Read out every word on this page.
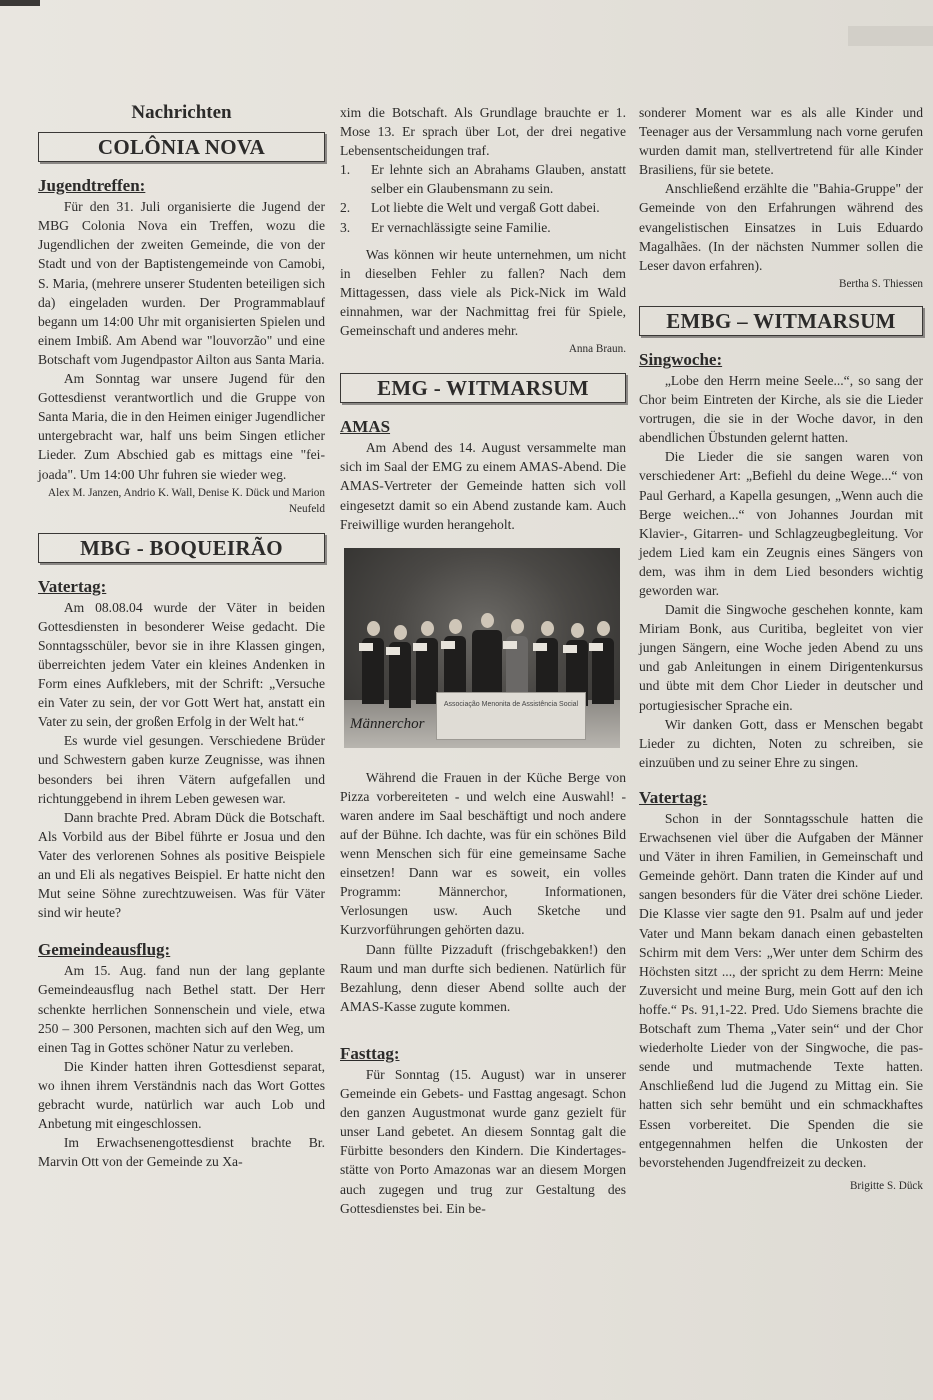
Nachrichten
COLÔNIA NOVA
Jugendtreffen:

Für den 31. Juli organisierte die Jugend der MBG Colonia Nova ein Treffen, wozu die Jugendlichen der zweiten Gemeinde, die von der Stadt und von der Baptistengemeinde von Camobi, S. Maria, (mehrere unserer Studenten beteiligen sich da) eingeladen wurden. Der Programmablauf begann um 14:00 Uhr mit organisierten Spielen und einem Imbiß. Am Abend war "louvorzão" und eine Botschaft vom Jugendpastor Ailton aus Santa Maria.

Am Sonntag war unsere Jugend für den Gottesdienst verantwortlich und die Gruppe von Santa Maria, die in den Heimen einiger Jugendlicher untergebracht war, half uns beim Singen etlicher Lieder. Zum Abschied gab es mittags eine "feijoada". Um 14:00 Uhr fuhren sie wieder weg.

Alex M. Janzen, Andrio K. Wall, Denise K. Dück und Marion Neufeld
MBG - BOQUEIRÃO
Vatertag:

Am 08.08.04 wurde der Väter in beiden Gottesdiensten in besonderer Weise gedacht. Die Sonntagsschüler, bevor sie in ihre Klassen gingen, überreichten jedem Vater ein kleines Andenken in Form eines Aufklebers, mit der Schrift: „Versuche ein Vater zu sein, der vor Gott Wert hat, anstatt ein Vater zu sein, der großen Erfolg in der Welt hat.“

Es wurde viel gesungen. Verschiedene Brüder und Schwestern gaben kurze Zeugnisse, was ihnen besonders bei ihren Vätern aufgefallen und richtunggebend in ihrem Leben gewesen war.

Dann brachte Pred. Abram Dück die Botschaft. Als Vorbild aus der Bibel führte er Josua und den Vater des verlorenen Sohnes als positive Beispiele an und Eli als negatives Beispiel. Er hatte nicht den Mut seine Söhne zurechtzuweisen. Was für Väter sind wir heute?

Gemeindeausflug:

Am 15. Aug. fand nun der lang geplante Gemeindeausflug nach Bethel statt. Der Herr schenkte herrlichen Sonnenschein und viele, etwa 250 – 300 Personen, machten sich auf den Weg, um einen Tag in Gottes schöner Natur zu verleben.

Die Kinder hatten ihren Gottesdienst separat, wo ihnen ihrem Verständnis nach das Wort Gottes gebracht wurde, natürlich war auch Lob und Anbetung mit eingeschlossen.

Im Erwachsenengottesdienst brachte Br. Marvin Ott von der Gemeinde zu Xa-

xim die Botschaft. Als Grundlage brauchte er 1. Mose 13. Er sprach über Lot, der drei negative Lebensentscheidungen traf.

1.	Er lehnte sich an Abrahams Glauben, anstatt selber ein Glaubensmann zu sein.
2.	Lot liebte die Welt und vergaß Gott dabei.
3.	Er vernachlässigte seine Familie.

Was können wir heute unternehmen, um nicht in dieselben Fehler zu fallen? Nach dem Mittagessen, dass viele als Pick-Nick im Wald einnahmen, war der Nachmittag frei für Spiele, Gemeinschaft und anderes mehr.

Anna Braun.
EMG - WITMARSUM
AMAS

Am Abend des 14. August versammelte man sich im Saal der EMG zu einem AMAS-Abend. Die AMAS-Vertreter der Gemeinde hatten sich voll eingesetzt damit so ein Abend zustande kam. Auch Freiwillige wurden herangeholt.

Associação Menonita de Assistência Social
Männerchor

Während die Frauen in der Küche Berge von Pizza vorbereiteten - und welch eine Auswahl! - waren andere im Saal beschäftigt und noch andere auf der Bühne. Ich dachte, was für ein schönes Bild wenn Menschen sich für eine gemeinsame Sache einsetzen! Dann war es soweit, ein volles Programm: Männerchor, Informationen, Verlosungen usw. Auch Sketche und Kurzvorführungen gehörten dazu.

Dann füllte Pizzaduft (frischgebakken!) den Raum und man durfte sich bedienen. Natürlich für Bezahlung, denn dieser Abend sollte auch der AMAS-Kasse zugute kommen.

Fasttag:

Für Sonntag (15. August) war in unserer Gemeinde ein Gebets- und Fasttag angesagt. Schon den ganzen Augustmonat wurde ganz gezielt für unser Land gebetet. An diesem Sonntag galt die Fürbitte besonders den Kindern. Die Kindertagesstätte von Porto Amazonas war an diesem Morgen auch zugegen und trug zur Gestaltung des Gottesdienstes bei. Ein be-

sonderer Moment war es als alle Kinder und Teenager aus der Versammlung nach vorne gerufen wurden damit man, stellvertretend für alle Kinder Brasiliens, für sie betete.

Anschließend erzählte die "Bahia-Gruppe" der Gemeinde von den Erfahrungen während des evangelistischen Einsatzes in Luis Eduardo Magalhães. (In der nächsten Nummer sollen die Leser davon erfahren).

Bertha S. Thiessen
EMBG – WITMARSUM
Singwoche:

„Lobe den Herrn meine Seele...“, so sang der Chor beim Eintreten der Kirche, als sie die Lieder vortrugen, die sie in der Woche davor, in den abendlichen Übstunden gelernt hatten.

Die Lieder die sie sangen waren von verschiedener Art: „Befiehl du deine Wege...“ von Paul Gerhard, a Kapella gesungen, „Wenn auch die Berge weichen...“ von Johannes Jourdan mit Klavier-, Gitarren- und Schlagzeugbegleitung. Vor jedem Lied kam ein Zeugnis eines Sängers von dem, was ihm in dem Lied besonders wichtig geworden war.

Damit die Singwoche geschehen konnte, kam Miriam Bonk, aus Curitiba, begleitet von vier jungen Sängern, eine Woche jeden Abend zu uns und gab Anleitungen in einem Dirigentenkursus und übte mit dem Chor Lieder in deutscher und portugiesischer Sprache ein.

Wir danken Gott, dass er Menschen begabt Lieder zu dichten, Noten zu schreiben, sie einzuüben und zu seiner Ehre zu singen.

Vatertag:

Schon in der Sonntagsschule hatten die Erwachsenen viel über die Aufgaben der Männer und Väter in ihren Familien, in Gemeinschaft und Gemeinde gehört. Dann traten die Kinder auf und sangen besonders für die Väter drei schöne Lieder. Die Klasse vier sagte den 91. Psalm auf und jeder Vater und Mann bekam danach einen gebastelten Schirm mit dem Vers: „Wer unter dem Schirm des Höchsten sitzt ..., der spricht zu dem Herrn: Meine Zuversicht und meine Burg, mein Gott auf den ich hoffe.“ Ps. 91,1-22. Pred. Udo Siemens brachte die Botschaft zum Thema „Vater sein“ und der Chor wiederholte Lieder von der Singwoche, die passende und mutmachende Texte hatten. Anschließend lud die Jugend zu Mittag ein. Sie hatten sich sehr bemüht und ein schmackhaftes Essen vorbereitet. Die Spenden die sie entgegennahmen helfen die Unkosten der bevorstehenden Jugendfreizeit zu decken.

Brigitte S. Dück
